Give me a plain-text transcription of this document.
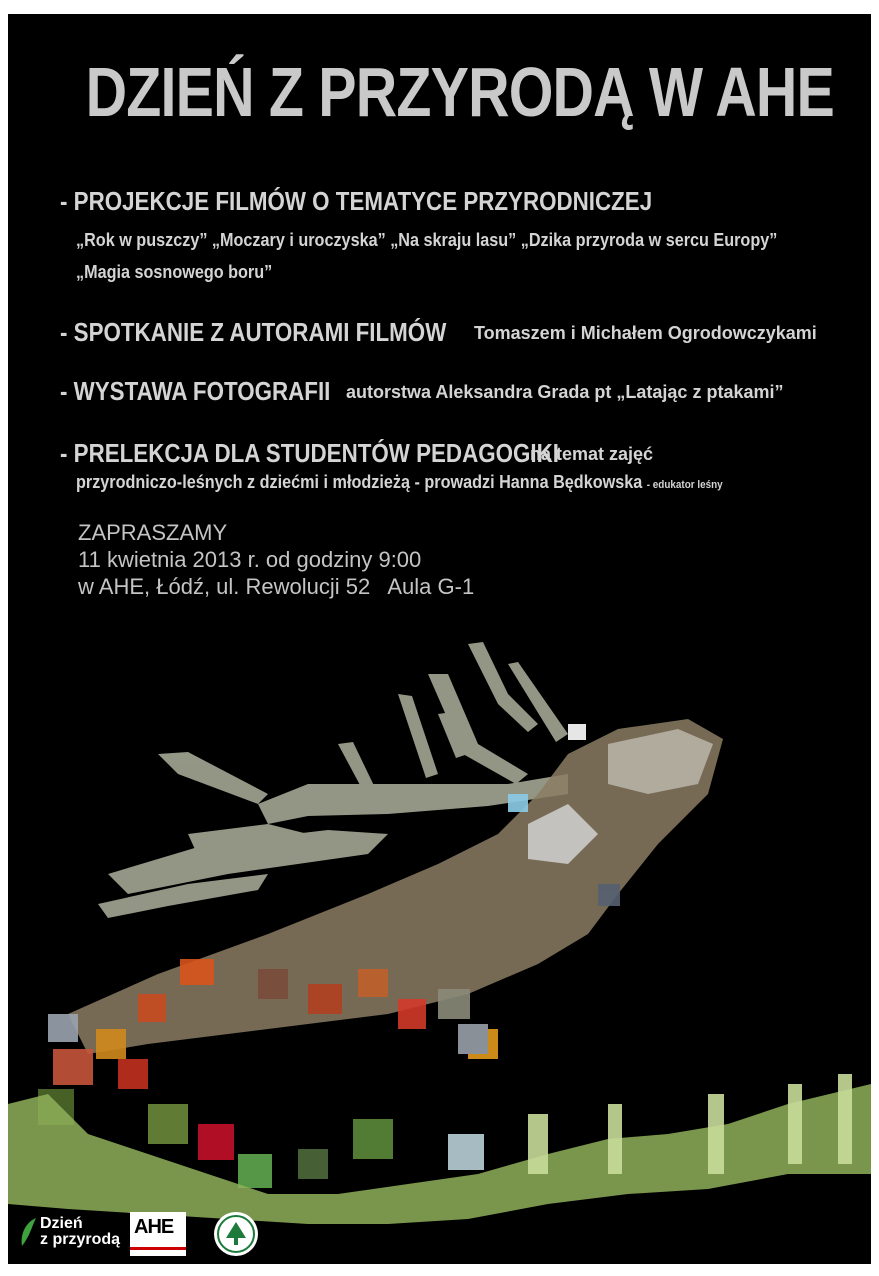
DZIEŃ Z PRZYRODĄ W AHE
- PROJEKCJE FILMÓW O TEMATYCE PRZYRODNICZEJ
„Rok w puszczy” „Moczary i uroczyska” „Na skraju lasu” „Dzika przyroda w sercu Europy”
„Magia sosnowego boru”
- SPOTKANIE Z AUTORAMI FILMÓW Tomaszem i Michałem Ogrodowczykami
- WYSTAWA FOTOGRAFII autorstwa Aleksandra Grada pt „Latając z ptakami”
- PRELEKCJA DLA STUDENTÓW PEDAGOGIKI
na temat zajęć
przyrodniczo-leśnych z dziećmi i młodzieżą - prowadzi Hanna Będkowska - edukator leśny
ZAPRASZAMY
11 kwietnia 2013 r. od godziny 9:00
w AHE, Łódź, ul. Rewolucji 52   Aula G-1
Dzień
z przyrodą
AHE
